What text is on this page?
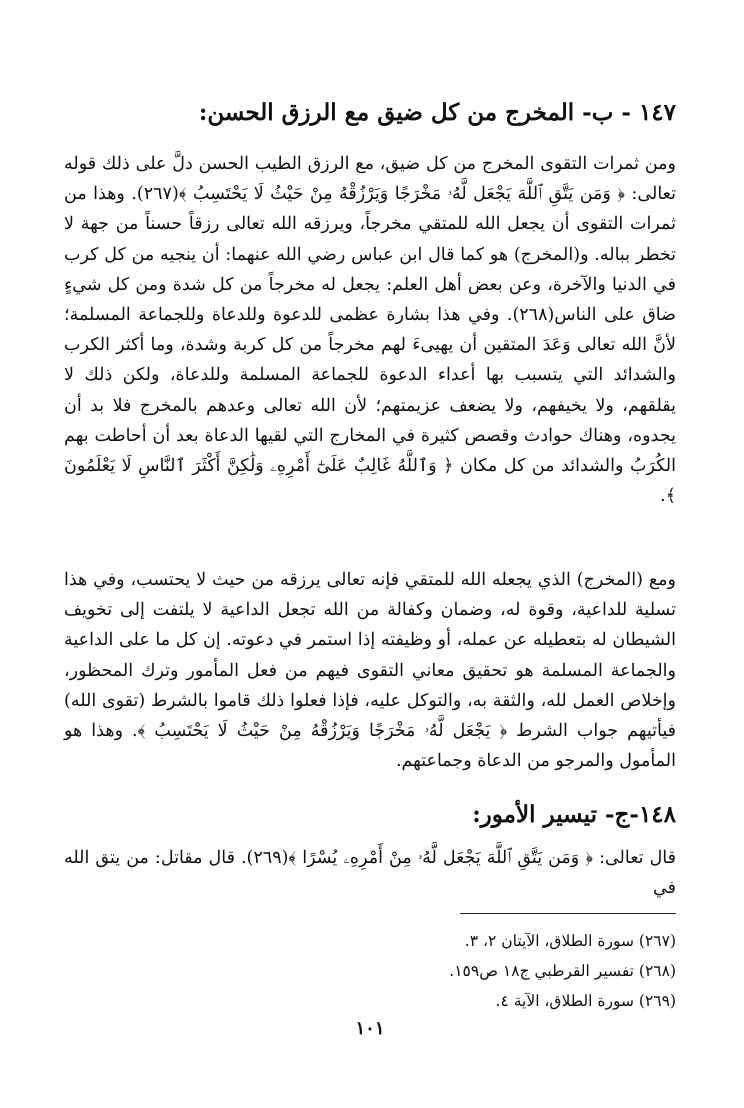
١٤٧ - ب- المخرج من كل ضيق مع الرزق الحسن:

ومن ثمرات التقوى المخرج من كل ضيق، مع الرزق الطيب الحسن دلَّ على ذلك قوله تعالى: ﴿ وَمَن يَتَّقِ ٱللَّهَ يَجْعَل لَّهُۥ مَخْرَجًا وَيَرْزُقْهُ مِنْ حَيْثُ لَا يَحْتَسِبُ ﴾(٢٦٧). وهذا من ثمرات التقوى أن يجعل الله للمتقي مخرجاً، ويرزقه الله تعالى رزقاً حسناً من جهة لا تخطر بباله. و(المخرج) هو كما قال ابن عباس رضي الله عنهما: أن ينجيه من كل كرب في الدنيا والآخرة، وعن بعض أهل العلم: يجعل له مخرجاً من كل شدة ومن كل شيءٍ ضاق على الناس(٢٦٨). وفي هذا بشارة عظمى للدعوة وللدعاة وللجماعة المسلمة؛ لأنَّ الله تعالى وَعَدَ المتقين أن يهيىءَ لهم مخرجاً من كل كربة وشدة، وما أكثر الكرب والشدائد التي يتسبب بها أعداء الدعوة للجماعة المسلمة وللدعاة، ولكن ذلك لا يقلقهم، ولا يخيفهم، ولا يضعف عزيمتهم؛ لأن الله تعالى وعدهم بالمخرج فلا بد أن يجدوه، وهناك حوادث وقصص كثيرة في المخارج التي لقيها الدعاة بعد أن أحاطت بهم الكُرَبُ والشدائد من كل مكان ﴿ وَٱللَّهُ غَالِبٌ عَلَىٰٓ أَمْرِهِۦ وَلَٰكِنَّ أَكْثَرَ ٱلنَّاسِ لَا يَعْلَمُونَ ﴾.

ومع (المخرج) الذي يجعله الله للمتقي فإنه تعالى يرزقه من حيث لا يحتسب، وفي هذا تسلية للداعية، وقوة له، وضمان وكفالة من الله تجعل الداعية لا يلتفت إلى تخويف الشيطان له بتعطيله عن عمله، أو وظيفته إذا استمر في دعوته. إن كل ما على الداعية والجماعة المسلمة هو تحقيق معاني التقوى فيهم من فعل المأمور وترك المحظور، وإخلاص العمل لله، والثقة به، والتوكل عليه، فإذا فعلوا ذلك قاموا بالشرط (تقوى الله) فيأتيهم جواب الشرط ﴿ يَجْعَل لَّهُۥ مَخْرَجًا وَيَرْزُقْهُ مِنْ حَيْثُ لَا يَحْتَسِبُ ﴾. وهذا هو المأمول والمرجو من الدعاة وجماعتهم.

١٤٨-ج- تيسير الأمور:

قال تعالى: ﴿ وَمَن يَتَّقِ ٱللَّهَ يَجْعَل لَّهُۥ مِنْ أَمْرِهِۦ يُسْرًا ﴾(٢٦٩). قال مقاتل: من يتق الله في

(٢٦٧) سورة الطلاق، الآيتان ٢، ٣.
(٢٦٨) تفسير القرطبي ج١٨ ص١٥٩.
(٢٦٩) سورة الطلاق، الآية ٤.
١٠١
